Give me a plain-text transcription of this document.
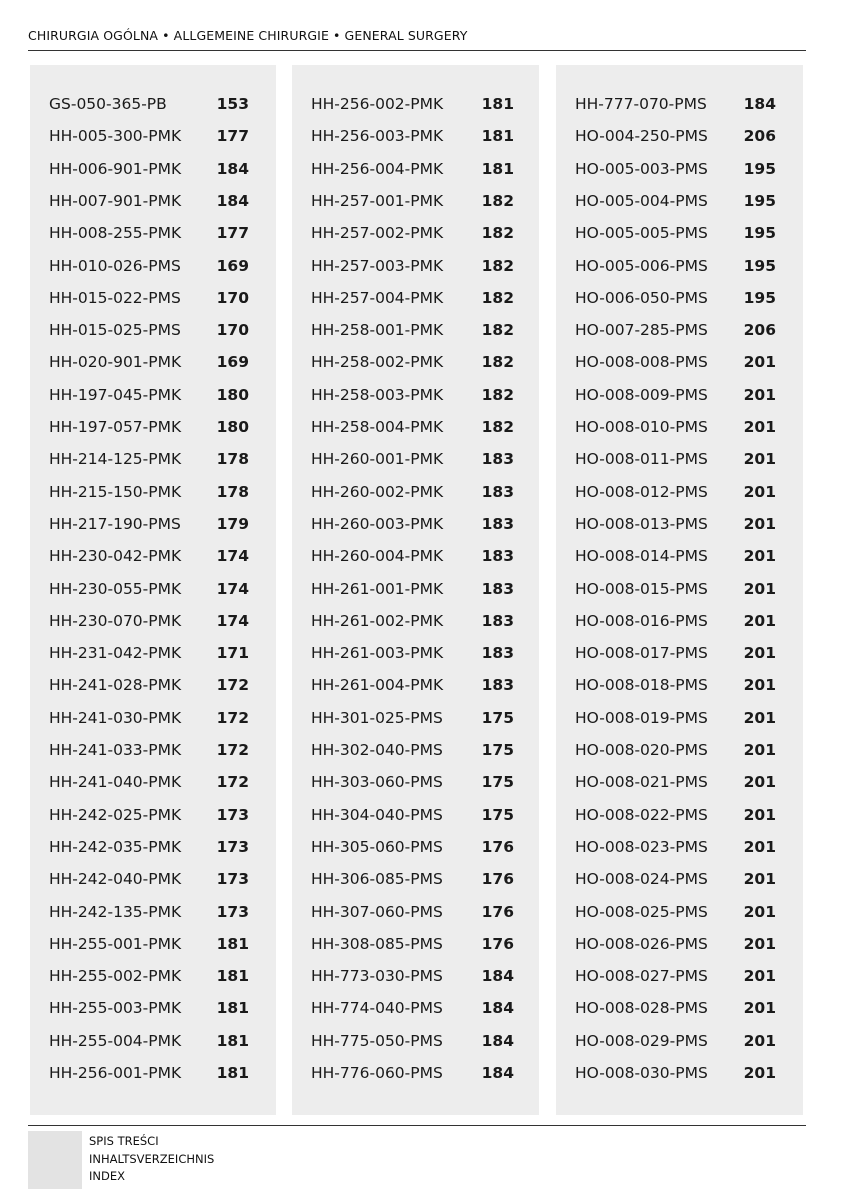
CHIRURGIA OGÓLNA • ALLGEMEINE CHIRURGIE • GENERAL SURGERY
GS-050-365-PB	153
HH-005-300-PMK	177
HH-006-901-PMK	184
HH-007-901-PMK	184
HH-008-255-PMK	177
HH-010-026-PMS	169
HH-015-022-PMS	170
HH-015-025-PMS	170
HH-020-901-PMK	169
HH-197-045-PMK	180
HH-197-057-PMK	180
HH-214-125-PMK	178
HH-215-150-PMK	178
HH-217-190-PMS	179
HH-230-042-PMK	174
HH-230-055-PMK	174
HH-230-070-PMK	174
HH-231-042-PMK	171
HH-241-028-PMK	172
HH-241-030-PMK	172
HH-241-033-PMK	172
HH-241-040-PMK	172
HH-242-025-PMK	173
HH-242-035-PMK	173
HH-242-040-PMK	173
HH-242-135-PMK	173
HH-255-001-PMK	181
HH-255-002-PMK	181
HH-255-003-PMK	181
HH-255-004-PMK	181
HH-256-001-PMK	181
HH-256-002-PMK	181
HH-256-003-PMK	181
HH-256-004-PMK	181
HH-257-001-PMK	182
HH-257-002-PMK	182
HH-257-003-PMK	182
HH-257-004-PMK	182
HH-258-001-PMK	182
HH-258-002-PMK	182
HH-258-003-PMK	182
HH-258-004-PMK	182
HH-260-001-PMK	183
HH-260-002-PMK	183
HH-260-003-PMK	183
HH-260-004-PMK	183
HH-261-001-PMK	183
HH-261-002-PMK	183
HH-261-003-PMK	183
HH-261-004-PMK	183
HH-301-025-PMS	175
HH-302-040-PMS	175
HH-303-060-PMS	175
HH-304-040-PMS	175
HH-305-060-PMS	176
HH-306-085-PMS	176
HH-307-060-PMS	176
HH-308-085-PMS	176
HH-773-030-PMS	184
HH-774-040-PMS	184
HH-775-050-PMS	184
HH-776-060-PMS	184
HH-777-070-PMS	184
HO-004-250-PMS	206
HO-005-003-PMS	195
HO-005-004-PMS	195
HO-005-005-PMS	195
HO-005-006-PMS	195
HO-006-050-PMS	195
HO-007-285-PMS	206
HO-008-008-PMS	201
HO-008-009-PMS	201
HO-008-010-PMS	201
HO-008-011-PMS	201
HO-008-012-PMS	201
HO-008-013-PMS	201
HO-008-014-PMS	201
HO-008-015-PMS	201
HO-008-016-PMS	201
HO-008-017-PMS	201
HO-008-018-PMS	201
HO-008-019-PMS	201
HO-008-020-PMS	201
HO-008-021-PMS	201
HO-008-022-PMS	201
HO-008-023-PMS	201
HO-008-024-PMS	201
HO-008-025-PMS	201
HO-008-026-PMS	201
HO-008-027-PMS	201
HO-008-028-PMS	201
HO-008-029-PMS	201
HO-008-030-PMS	201
SPIS TREŚCI
INHALTSVERZEICHNIS
INDEX
